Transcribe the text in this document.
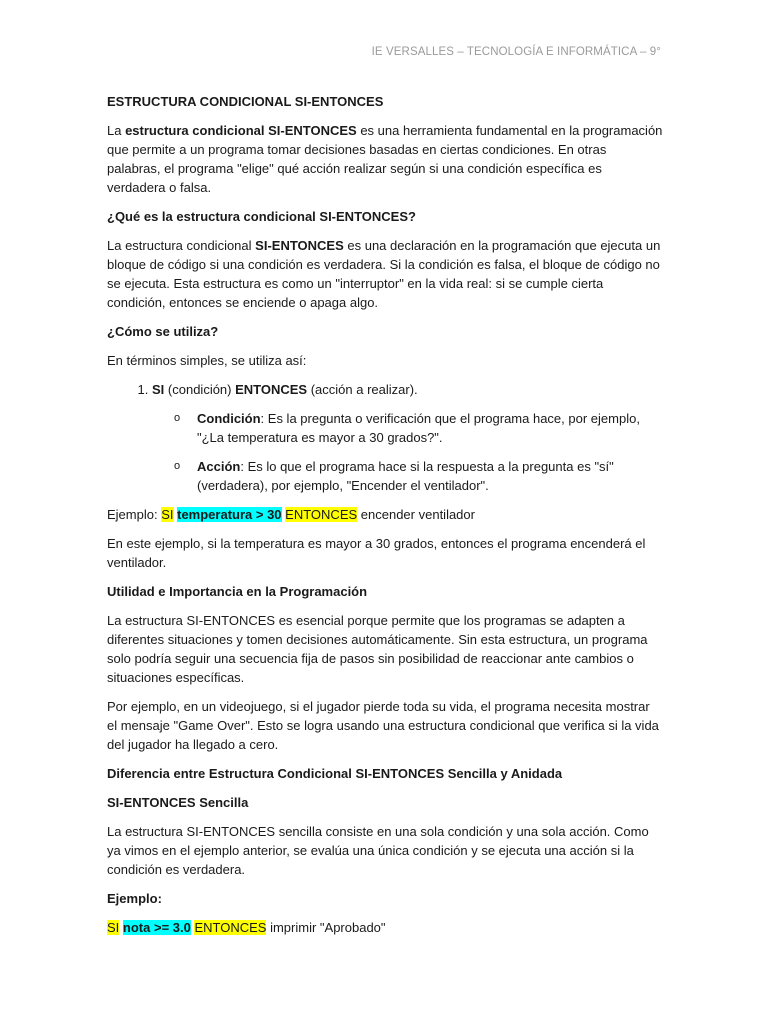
IE VERSALLES – TECNOLOGÍA E INFORMÁTICA – 9°
ESTRUCTURA CONDICIONAL SI-ENTONCES

La estructura condicional SI-ENTONCES es una herramienta fundamental en la programación que permite a un programa tomar decisiones basadas en ciertas condiciones. En otras palabras, el programa "elige" qué acción realizar según si una condición específica es verdadera o falsa.

¿Qué es la estructura condicional SI-ENTONCES?

La estructura condicional SI-ENTONCES es una declaración en la programación que ejecuta un bloque de código si una condición es verdadera. Si la condición es falsa, el bloque de código no se ejecuta. Esta estructura es como un "interruptor" en la vida real: si se cumple cierta condición, entonces se enciende o apaga algo.

¿Cómo se utiliza?

En términos simples, se utiliza así:

1. SI (condición) ENTONCES (acción a realizar).
o Condición: Es la pregunta o verificación que el programa hace, por ejemplo, "¿La temperatura es mayor a 30 grados?".
o Acción: Es lo que el programa hace si la respuesta a la pregunta es "sí" (verdadera), por ejemplo, "Encender el ventilador".

Ejemplo: SI temperatura > 30 ENTONCES encender ventilador

En este ejemplo, si la temperatura es mayor a 30 grados, entonces el programa encenderá el ventilador.

Utilidad e Importancia en la Programación

La estructura SI-ENTONCES es esencial porque permite que los programas se adapten a diferentes situaciones y tomen decisiones automáticamente. Sin esta estructura, un programa solo podría seguir una secuencia fija de pasos sin posibilidad de reaccionar ante cambios o situaciones específicas.

Por ejemplo, en un videojuego, si el jugador pierde toda su vida, el programa necesita mostrar el mensaje "Game Over". Esto se logra usando una estructura condicional que verifica si la vida del jugador ha llegado a cero.

Diferencia entre Estructura Condicional SI-ENTONCES Sencilla y Anidada
SI-ENTONCES Sencilla

La estructura SI-ENTONCES sencilla consiste en una sola condición y una sola acción. Como ya vimos en el ejemplo anterior, se evalúa una única condición y se ejecuta una acción si la condición es verdadera.

Ejemplo:

SI nota >= 3.0 ENTONCES imprimir "Aprobado"
